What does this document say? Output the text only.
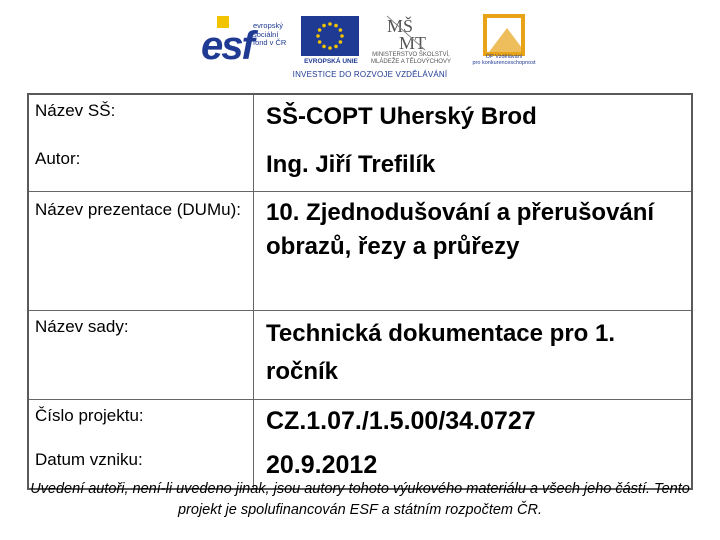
esf evropský
sociální
fond v ČR
EVROPSKÁ UNIE
MŠ
MT
MINISTERSTVO ŠKOLSTVÍ,
MLÁDEŽE A TĚLOVÝCHOVY
OP Vzdělávání
pro konkurenceschopnost
INVESTICE DO ROZVOJE VZDĚLÁVÁNÍ
Název SŠ:	SŠ-COPT Uherský Brod
Autor:	Ing. Jiří Trefilík
Název prezentace (DUMu):	10. Zjednodušování a přerušování obrazů, řezy a průřezy
Název sady:	Technická dokumentace pro 1. ročník
Číslo projektu:	CZ.1.07./1.5.00/34.0727
Datum vzniku:	20.9.2012
Uvedení autoři, není-li uvedeno jinak, jsou autory tohoto výukového materiálu a všech jeho částí. Tento projekt je spolufinancován ESF a státním rozpočtem ČR.
